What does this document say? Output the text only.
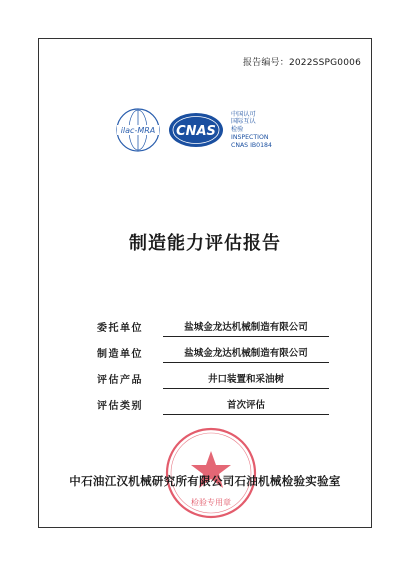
报告编号：2022SSPG0006
ilac-MRA CNAS
中国认可
国际互认
检验
INSPECTION
CNAS IB0184
制造能力评估报告
委托单位	盐城金龙达机械制造有限公司
制造单位	盐城金龙达机械制造有限公司
评估产品	井口装置和采油树
评估类别	首次评估
检验专用章
中石油江汉机械研究所有限公司石油机械检验实验室
